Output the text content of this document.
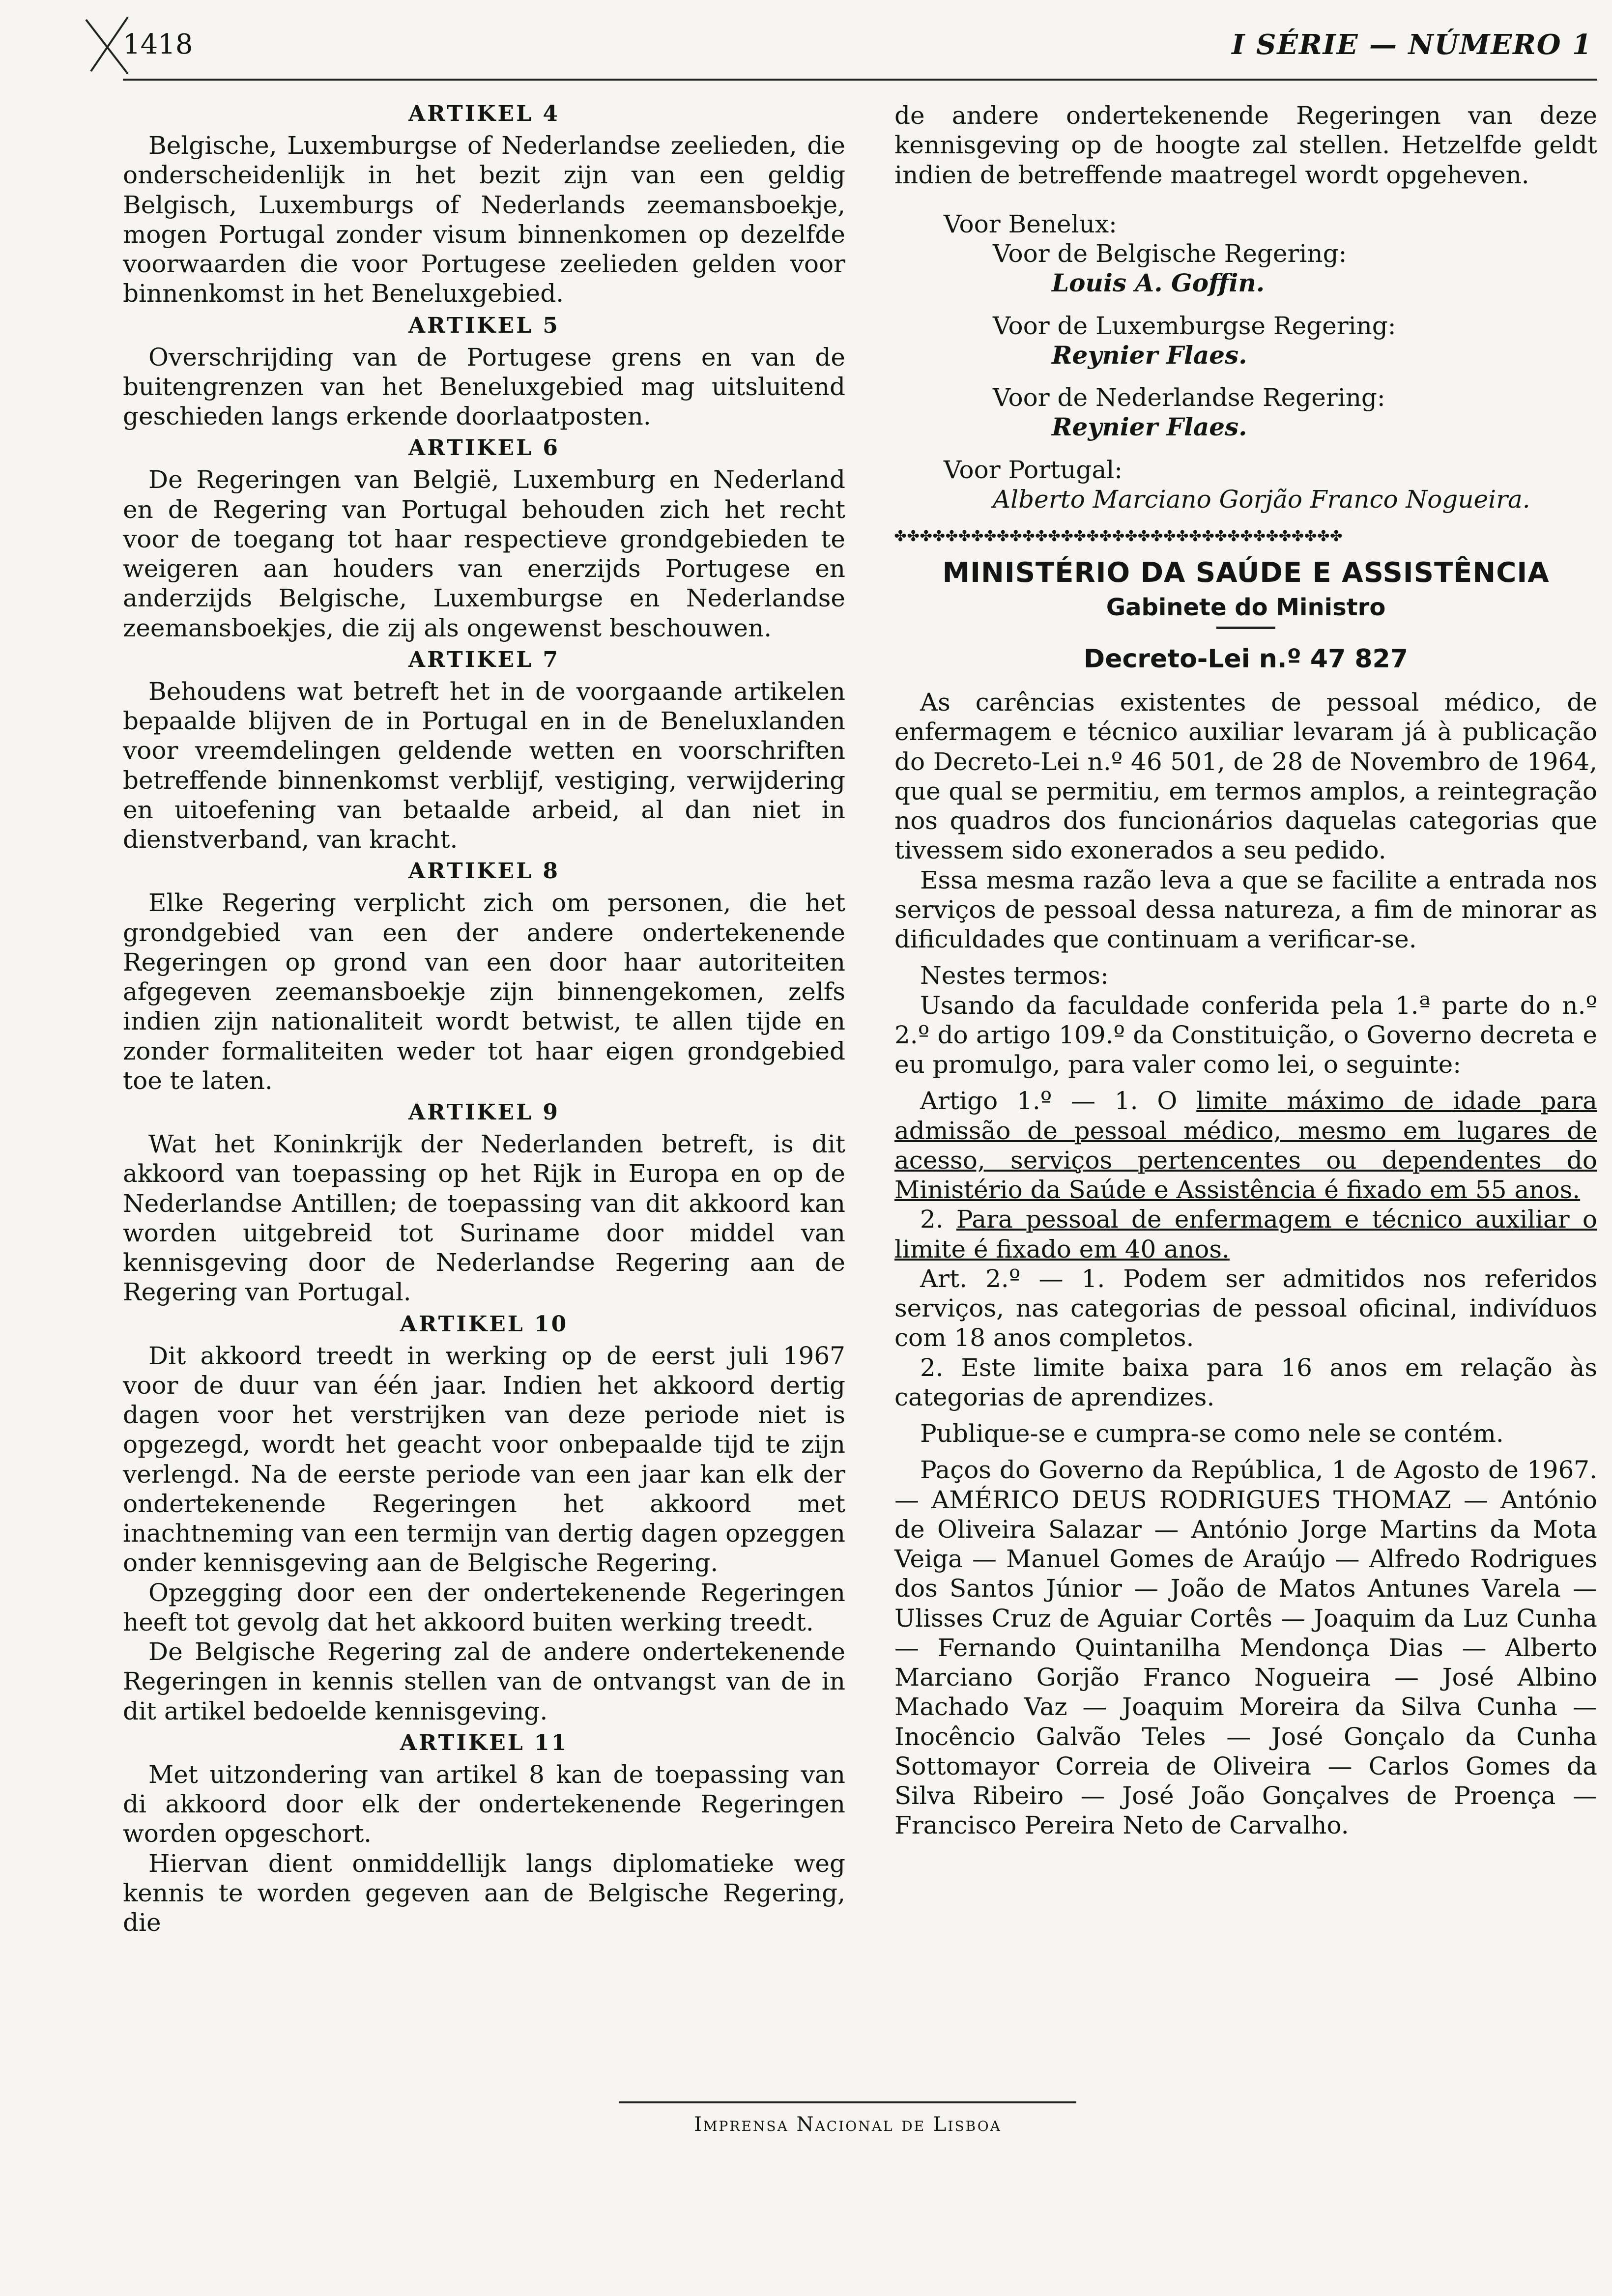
1418	I SÉRIE — NÚMERO 1
ARTIKEL 4

Belgische, Luxemburgse of Nederlandse zeelieden, die onderscheidenlijk in het bezit zijn van een geldig Belgisch, Luxemburgs of Nederlands zeemansboekje, mogen Portugal zonder visum binnenkomen op dezelfde voorwaarden die voor Portugese zeelieden gelden voor binnenkomst in het Beneluxgebied.

ARTIKEL 5

Overschrijding van de Portugese grens en van de buitengrenzen van het Beneluxgebied mag uitsluitend geschieden langs erkende doorlaatposten.

ARTIKEL 6

De Regeringen van België, Luxemburg en Nederland en de Regering van Portugal behouden zich het recht voor de toegang tot haar respectieve grondgebieden te weigeren aan houders van enerzijds Portugese en anderzijds Belgische, Luxemburgse en Nederlandse zeemansboekjes, die zij als ongewenst beschouwen.

ARTIKEL 7

Behoudens wat betreft het in de voorgaande artikelen bepaalde blijven de in Portugal en in de Beneluxlanden voor vreemdelingen geldende wetten en voorschriften betreffende binnenkomst verblijf, vestiging, verwijdering en uitoefening van betaalde arbeid, al dan niet in dienstverband, van kracht.

ARTIKEL 8

Elke Regering verplicht zich om personen, die het grondgebied van een der andere ondertekenende Regeringen op grond van een door haar autoriteiten afgegeven zeemansboekje zijn binnengekomen, zelfs indien zijn nationaliteit wordt betwist, te allen tijde en zonder formaliteiten weder tot haar eigen grondgebied toe te laten.

ARTIKEL 9

Wat het Koninkrijk der Nederlanden betreft, is dit akkoord van toepassing op het Rijk in Europa en op de Nederlandse Antillen; de toepassing van dit akkoord kan worden uitgebreid tot Suriname door middel van kennisgeving door de Nederlandse Regering aan de Regering van Portugal.

ARTIKEL 10

Dit akkoord treedt in werking op de eerst juli 1967 voor de duur van één jaar. Indien het akkoord dertig dagen voor het verstrijken van deze periode niet is opgezegd, wordt het geacht voor onbepaalde tijd te zijn verlengd. Na de eerste periode van een jaar kan elk der ondertekenende Regeringen het akkoord met inachtneming van een termijn van dertig dagen opzeggen onder kennisgeving aan de Belgische Regering.

Opzegging door een der ondertekenende Regeringen heeft tot gevolg dat het akkoord buiten werking treedt.

De Belgische Regering zal de andere ondertekenende Regeringen in kennis stellen van de ontvangst van de in dit artikel bedoelde kennisgeving.

ARTIKEL 11

Met uitzondering van artikel 8 kan de toepassing van di akkoord door elk der ondertekenende Regeringen worden opgeschort.

Hiervan dient onmiddellijk langs diplomatieke weg kennis te worden gegeven aan de Belgische Regering, die

de andere ondertekenende Regeringen van deze kennisgeving op de hoogte zal stellen. Hetzelfde geldt indien de betreffende maatregel wordt opgeheven.

Voor Benelux:

Voor de Belgische Regering:

Louis A. Goffin.

Voor de Luxemburgse Regering:

Reynier Flaes.

Voor de Nederlandse Regering:

Reynier Flaes.

Voor Portugal:

Alberto Marciano Gorjão Franco Nogueira.

✤✤✤✤✤✤✤✤✤✤✤✤✤✤✤✤✤✤✤✤✤✤✤✤✤✤✤✤✤✤✤✤✤✤✤
MINISTÉRIO DA SAÚDE E ASSISTÊNCIA
Gabinete do Ministro
Decreto-Lei n.º 47 827

As carências existentes de pessoal médico, de enfermagem e técnico auxiliar levaram já à publicação do Decreto-Lei n.º 46 501, de 28 de Novembro de 1964, que qual se permitiu, em termos amplos, a reintegração nos quadros dos funcionários daquelas categorias que tivessem sido exonerados a seu pedido.

Essa mesma razão leva a que se facilite a entrada nos serviços de pessoal dessa natureza, a fim de minorar as dificuldades que continuam a verificar-se.

Nestes termos:

Usando da faculdade conferida pela 1.ª parte do n.º 2.º do artigo 109.º da Constituição, o Governo decreta e eu promulgo, para valer como lei, o seguinte:

Artigo 1.º — 1. O limite máximo de idade para admissão de pessoal médico, mesmo em lugares de acesso, serviços pertencentes ou dependentes do Ministério da Saúde e Assistência é fixado em 55 anos.

2. Para pessoal de enfermagem e técnico auxiliar o limite é fixado em 40 anos.

Art. 2.º — 1. Podem ser admitidos nos referidos serviços, nas categorias de pessoal oficinal, indivíduos com 18 anos completos.

2. Este limite baixa para 16 anos em relação às categorias de aprendizes.

Publique-se e cumpra-se como nele se contém.

Paços do Governo da República, 1 de Agosto de 1967. — AMÉRICO DEUS RODRIGUES THOMAZ — António de Oliveira Salazar — António Jorge Martins da Mota Veiga — Manuel Gomes de Araújo — Alfredo Rodrigues dos Santos Júnior — João de Matos Antunes Varela — Ulisses Cruz de Aguiar Cortês — Joaquim da Luz Cunha — Fernando Quintanilha Mendonça Dias — Alberto Marciano Gorjão Franco Nogueira — José Albino Machado Vaz — Joaquim Moreira da Silva Cunha — Inocêncio Galvão Teles — José Gonçalo da Cunha Sottomayor Correia de Oliveira — Carlos Gomes da Silva Ribeiro — José João Gonçalves de Proença — Francisco Pereira Neto de Carvalho.

Imprensa Nacional de Lisboa
